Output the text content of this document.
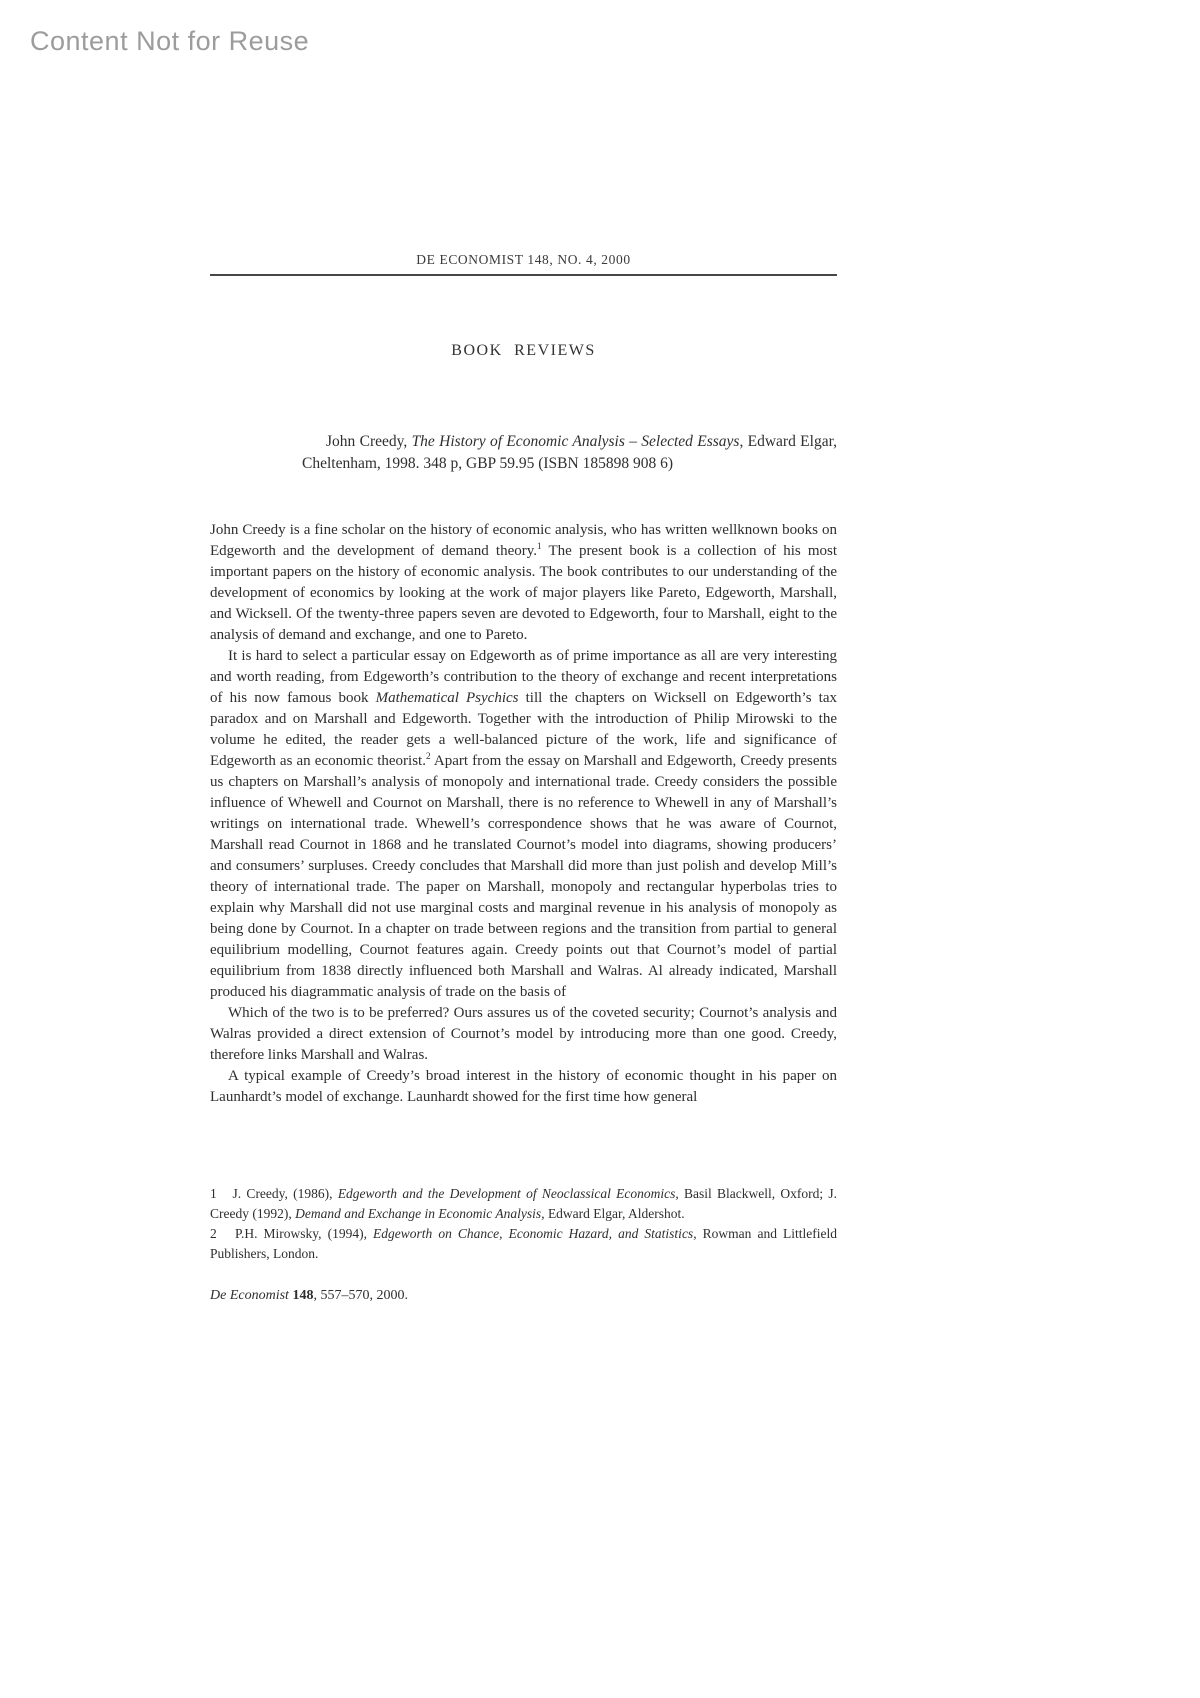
Content Not for Reuse
DE ECONOMIST 148, NO. 4, 2000
BOOK REVIEWS

John Creedy, The History of Economic Analysis – Selected Essays, Edward Elgar, Cheltenham, 1998. 348 p, GBP 59.95 (ISBN 185898 908 6)

John Creedy is a fine scholar on the history of economic analysis, who has written wellknown books on Edgeworth and the development of demand theory.$^1$ The present book is a collection of his most important papers on the history of economic analysis. The book contributes to our understanding of the development of economics by looking at the work of major players like Pareto, Edgeworth, Marshall, and Wicksell. Of the twenty-three papers seven are devoted to Edgeworth, four to Marshall, eight to the analysis of demand and exchange, and one to Pareto.

It is hard to select a particular essay on Edgeworth as of prime importance as all are very interesting and worth reading, from Edgeworth’s contribution to the theory of exchange and recent interpretations of his now famous book Mathematical Psychics till the chapters on Wicksell on Edgeworth’s tax paradox and on Marshall and Edgeworth. Together with the introduction of Philip Mirowski to the volume he edited, the reader gets a well-balanced picture of the work, life and significance of Edgeworth as an economic theorist.$^2$ Apart from the essay on Marshall and Edgeworth, Creedy presents us chapters on Marshall’s analysis of monopoly and international trade. Creedy considers the possible influence of Whewell and Cournot on Marshall, there is no reference to Whewell in any of Marshall’s writings on international trade. Whewell’s correspondence shows that he was aware of Cournot, Marshall read Cournot in 1868 and he translated Cournot’s model into diagrams, showing producers’ and consumers’ surpluses. Creedy concludes that Marshall did more than just polish and develop Mill’s theory of international trade. The paper on Marshall, monopoly and rectangular hyperbolas tries to explain why Marshall did not use marginal costs and marginal revenue in his analysis of monopoly as being done by Cournot. In a chapter on trade between regions and the transition from partial to general equilibrium modelling, Cournot features again. Creedy points out that Cournot’s model of partial equilibrium from 1838 directly influenced both Marshall and Walras. Al already indicated, Marshall produced his diagrammatic analysis of trade on the basis of

Which of the two is to be preferred? Ours assures us of the coveted security; Cournot’s analysis and Walras provided a direct extension of Cournot’s model by introducing more than one good. Creedy, therefore links Marshall and Walras.

A typical example of Creedy’s broad interest in the history of economic thought in his paper on Launhardt’s model of exchange. Launhardt showed for the first time how general

1   J. Creedy, (1986), Edgeworth and the Development of Neoclassical Economics, Basil Blackwell, Oxford; J. Creedy (1992), Demand and Exchange in Economic Analysis, Edward Elgar, Aldershot.

2   P.H. Mirowsky, (1994), Edgeworth on Chance, Economic Hazard, and Statistics, Rowman and Littlefield Publishers, London.

De Economist 148, 557–570, 2000.
